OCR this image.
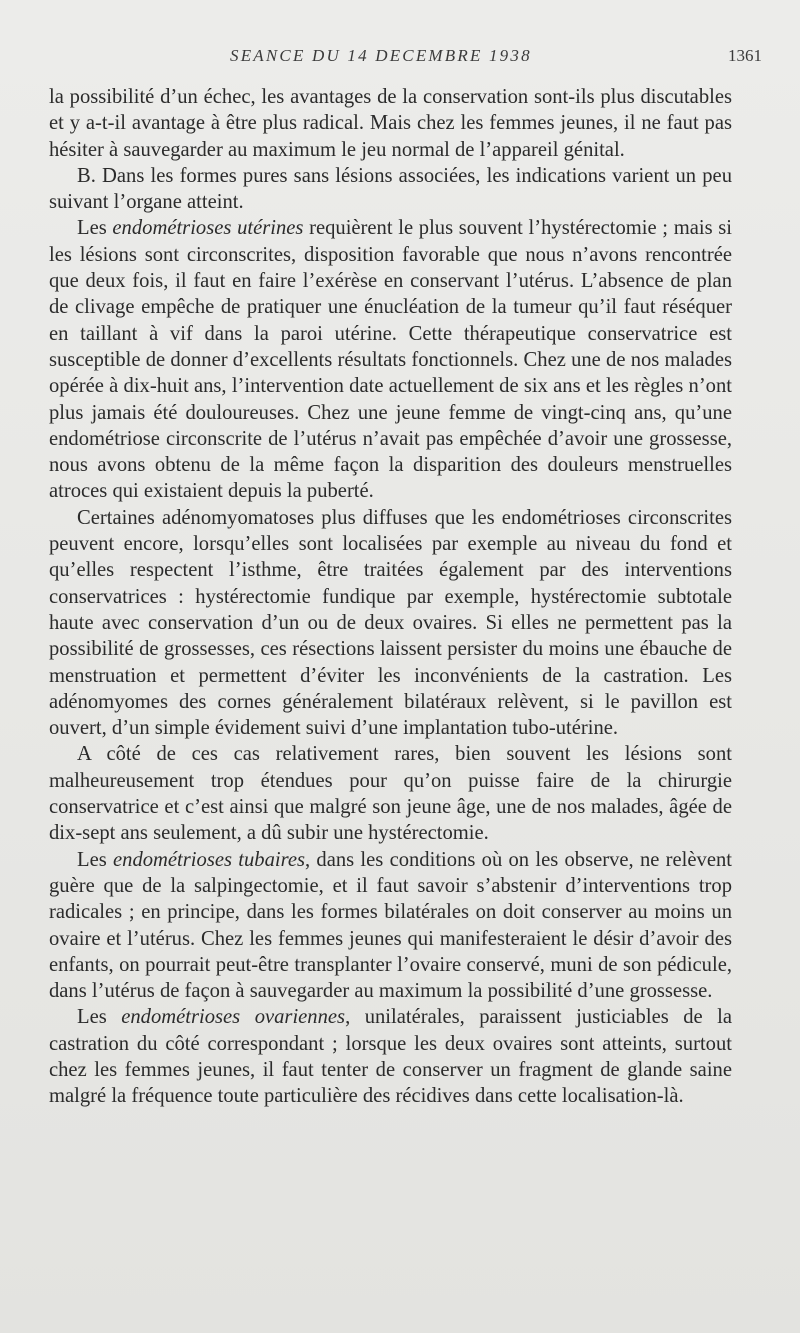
SEANCE DU 14 DECEMBRE 1938	1361

la possibilité d’un échec, les avantages de la conservation sont-ils plus discutables et y a-t-il avantage à être plus radical. Mais chez les femmes jeunes, il ne faut pas hésiter à sauvegarder au maximum le jeu normal de l’appareil génital.

B. Dans les formes pures sans lésions associées, les indications varient un peu suivant l’organe atteint.

Les endométrioses utérines requièrent le plus souvent l’hystérectomie ; mais si les lésions sont circonscrites, disposition favorable que nous n’avons rencontrée que deux fois, il faut en faire l’exérèse en conservant l’utérus. L’absence de plan de clivage empêche de pratiquer une énucléation de la tumeur qu’il faut réséquer en taillant à vif dans la paroi utérine. Cette thérapeutique conservatrice est susceptible de donner d’excellents résultats fonctionnels. Chez une de nos malades opérée à dix-huit ans, l’intervention date actuellement de six ans et les règles n’ont plus jamais été douloureuses. Chez une jeune femme de vingt-cinq ans, qu’une endométriose circonscrite de l’utérus n’avait pas empêchée d’avoir une grossesse, nous avons obtenu de la même façon la disparition des douleurs menstruelles atroces qui existaient depuis la puberté.

Certaines adénomyomatoses plus diffuses que les endométrioses circonscrites peuvent encore, lorsqu’elles sont localisées par exemple au niveau du fond et qu’elles respectent l’isthme, être traitées également par des interventions conservatrices : hystérectomie fundique par exemple, hystérectomie subtotale haute avec conservation d’un ou de deux ovaires. Si elles ne permettent pas la possibilité de grossesses, ces résections laissent persister du moins une ébauche de menstruation et permettent d’éviter les inconvénients de la castration. Les adénomyomes des cornes généralement bilatéraux relèvent, si le pavillon est ouvert, d’un simple évidement suivi d’une implantation tubo-utérine.

A côté de ces cas relativement rares, bien souvent les lésions sont malheureusement trop étendues pour qu’on puisse faire de la chirurgie conservatrice et c’est ainsi que malgré son jeune âge, une de nos malades, âgée de dix-sept ans seulement, a dû subir une hystérectomie.

Les endométrioses tubaires, dans les conditions où on les observe, ne relèvent guère que de la salpingectomie, et il faut savoir s’abstenir d’interventions trop radicales ; en principe, dans les formes bilatérales on doit conserver au moins un ovaire et l’utérus. Chez les femmes jeunes qui manifesteraient le désir d’avoir des enfants, on pourrait peut-être transplanter l’ovaire conservé, muni de son pédicule, dans l’utérus de façon à sauvegarder au maximum la possibilité d’une grossesse.

Les endométrioses ovariennes, unilatérales, paraissent justiciables de la castration du côté correspondant ; lorsque les deux ovaires sont atteints, surtout chez les femmes jeunes, il faut tenter de conserver un fragment de glande saine malgré la fréquence toute particulière des récidives dans cette localisation-là.
